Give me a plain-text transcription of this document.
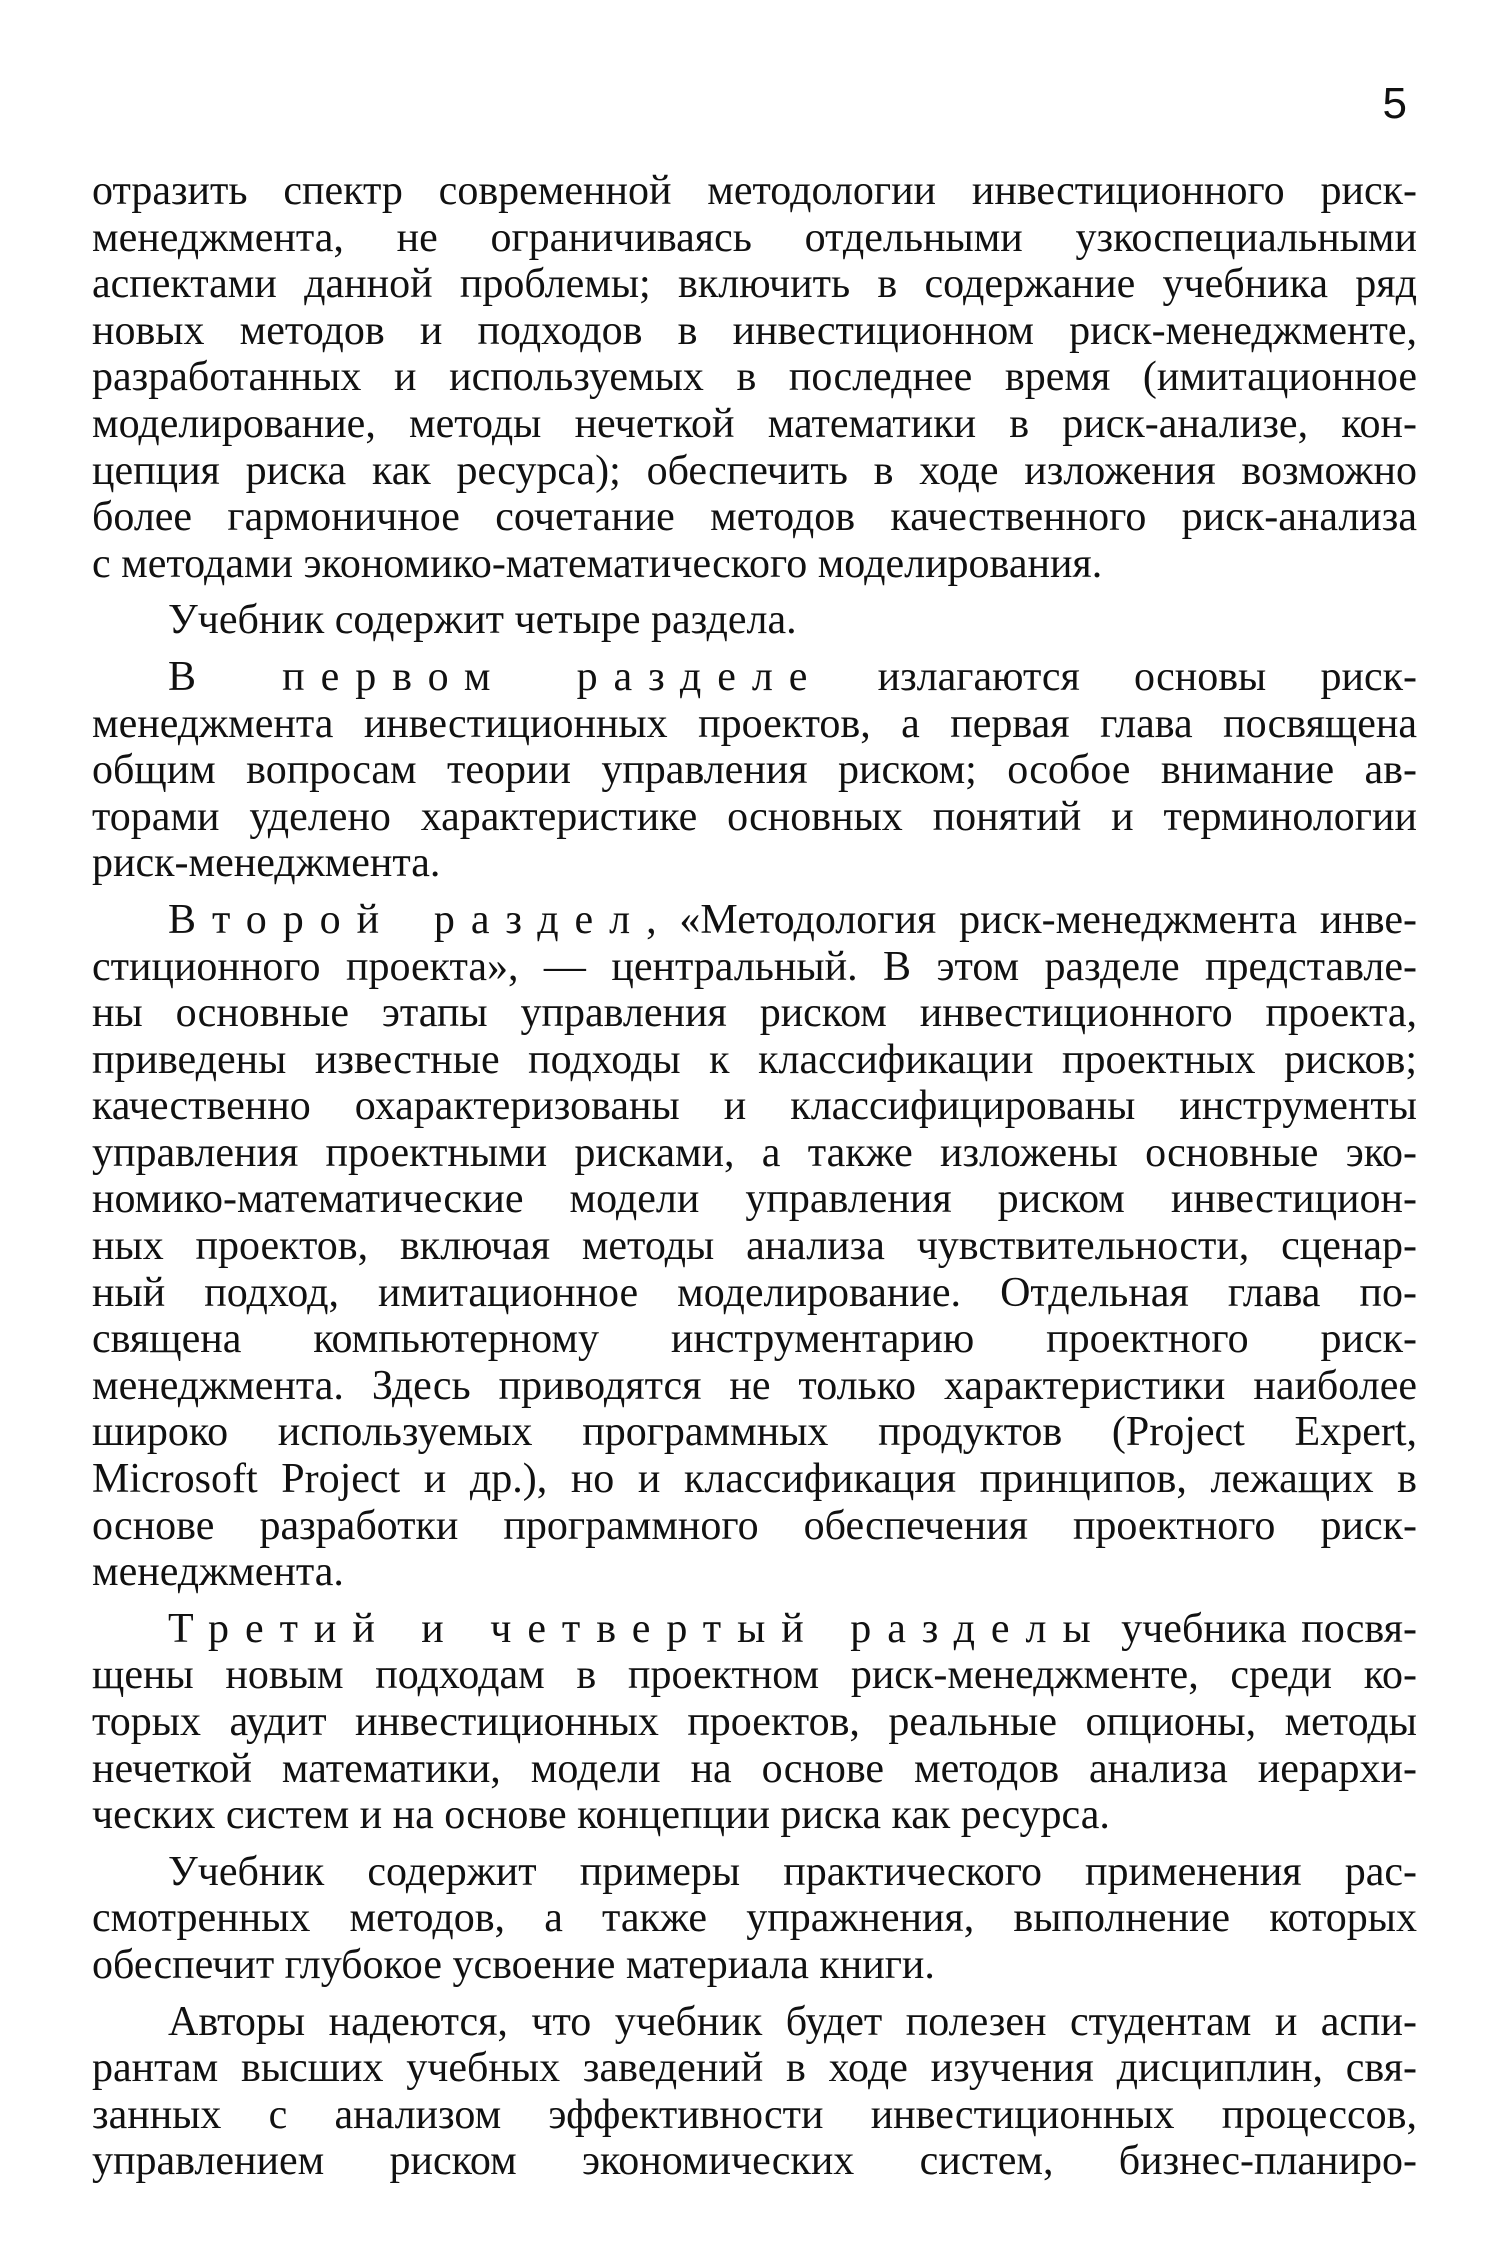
5
отразить спектр современной методологии инвестиционного риск-
менеджмента, не ограничиваясь отдельными узкоспециальными
аспектами данной проблемы; включить в содержание учебника ряд
новых методов и подходов в инвестиционном риск-менеджменте,
разработанных и используемых в последнее время (имитационное
моделирование, методы нечеткой математики в риск-анализе, кон-
цепция риска как ресурса); обеспечить в ходе изложения возможно
более гармоничное сочетание методов качественного риск-анализа
с методами экономико-математического моделирования.
Учебник содержит четыре раздела.
В первом разделе излагаются основы риск-
менеджмента инвестиционных проектов, а первая глава посвящена
общим вопросам теории управления риском; особое внимание ав-
торами уделено характеристике основных понятий и терминологии
риск-менеджмента.
Второй раздел, «Методология риск-менеджмента инве-
стиционного проекта», — центральный. В этом разделе представле-
ны основные этапы управления риском инвестиционного проекта,
приведены известные подходы к классификации проектных рисков;
качественно охарактеризованы и классифицированы инструменты
управления проектными рисками, а также изложены основные эко-
номико-математические модели управления риском инвестицион-
ных проектов, включая методы анализа чувствительности, сценар-
ный подход, имитационное моделирование. Отдельная глава по-
священа компьютерному инструментарию проектного риск-
менеджмента. Здесь приводятся не только характеристики наиболее
широко используемых программных продуктов (Project Expert,
Microsoft Project и др.), но и классификация принципов, лежащих в
основе разработки программного обеспечения проектного риск-
менеджмента.
Третий и четвертый разделы учебника посвя-
щены новым подходам в проектном риск-менеджменте, среди ко-
торых аудит инвестиционных проектов, реальные опционы, методы
нечеткой математики, модели на основе методов анализа иерархи-
ческих систем и на основе концепции риска как ресурса.
Учебник содержит примеры практического применения рас-
смотренных методов, а также упражнения, выполнение которых
обеспечит глубокое усвоение материала книги.
Авторы надеются, что учебник будет полезен студентам и аспи-
рантам высших учебных заведений в ходе изучения дисциплин, свя-
занных с анализом эффективности инвестиционных процессов,
управлением риском экономических систем, бизнес-планиро-
